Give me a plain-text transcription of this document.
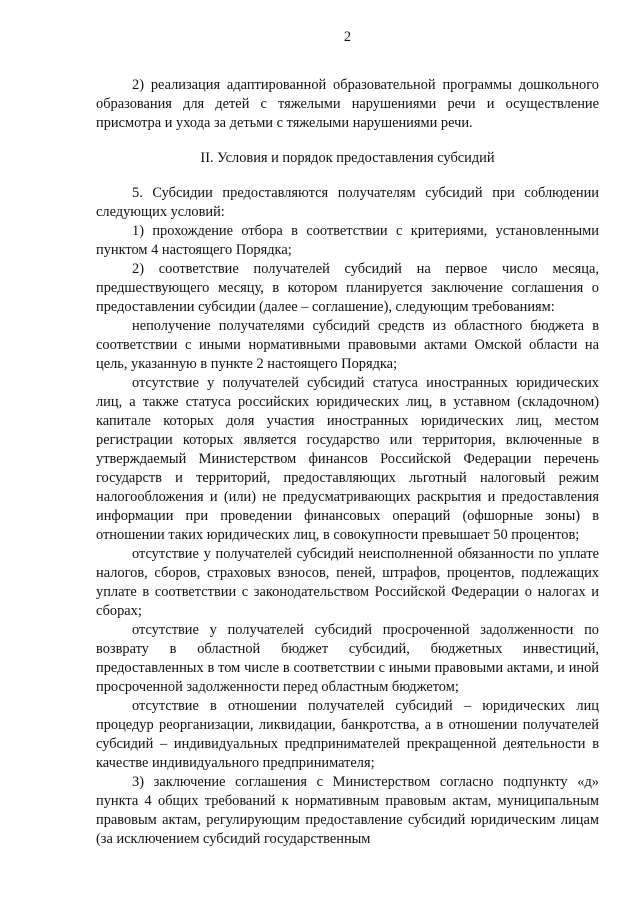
2

2) реализация адаптированной образовательной программы дошкольного образования для детей с тяжелыми нарушениями речи и осуществление присмотра и ухода за детьми с тяжелыми нарушениями речи.

II. Условия и порядок предоставления субсидий

5. Субсидии предоставляются получателям субсидий при соблюдении следующих условий:

1) прохождение отбора в соответствии с критериями, установленными пунктом 4 настоящего Порядка;

2) соответствие получателей субсидий на первое число месяца, предшествующего месяцу, в котором планируется заключение соглашения о предоставлении субсидии (далее – соглашение), следующим требованиям:

неполучение получателями субсидий средств из областного бюджета в соответствии с иными нормативными правовыми актами Омской области на цель, указанную в пункте 2 настоящего Порядка;

отсутствие у получателей субсидий статуса иностранных юридических лиц, а также статуса российских юридических лиц, в уставном (складочном) капитале которых доля участия иностранных юридических лиц, местом регистрации которых является государство или территория, включенные в утверждаемый Министерством финансов Российской Федерации перечень государств и территорий, предоставляющих льготный налоговый режим налогообложения и (или) не предусматривающих раскрытия и предоставления информации при проведении финансовых операций (офшорные зоны) в отношении таких юридических лиц, в совокупности превышает 50 процентов;

отсутствие у получателей субсидий неисполненной обязанности по уплате налогов, сборов, страховых взносов, пеней, штрафов, процентов, подлежащих уплате в соответствии с законодательством Российской Федерации о налогах и сборах;

отсутствие у получателей субсидий просроченной задолженности по возврату в областной бюджет субсидий, бюджетных инвестиций, предоставленных в том числе в соответствии с иными правовыми актами, и иной просроченной задолженности перед областным бюджетом;

отсутствие в отношении получателей субсидий – юридических лиц процедур реорганизации, ликвидации, банкротства, а в отношении получателей субсидий – индивидуальных предпринимателей прекращенной деятельности в качестве индивидуального предпринимателя;

3) заключение соглашения с Министерством согласно подпункту «д» пункта 4 общих требований к нормативным правовым актам, муниципальным правовым актам, регулирующим предоставление субсидий юридическим лицам (за исключением субсидий государственным
